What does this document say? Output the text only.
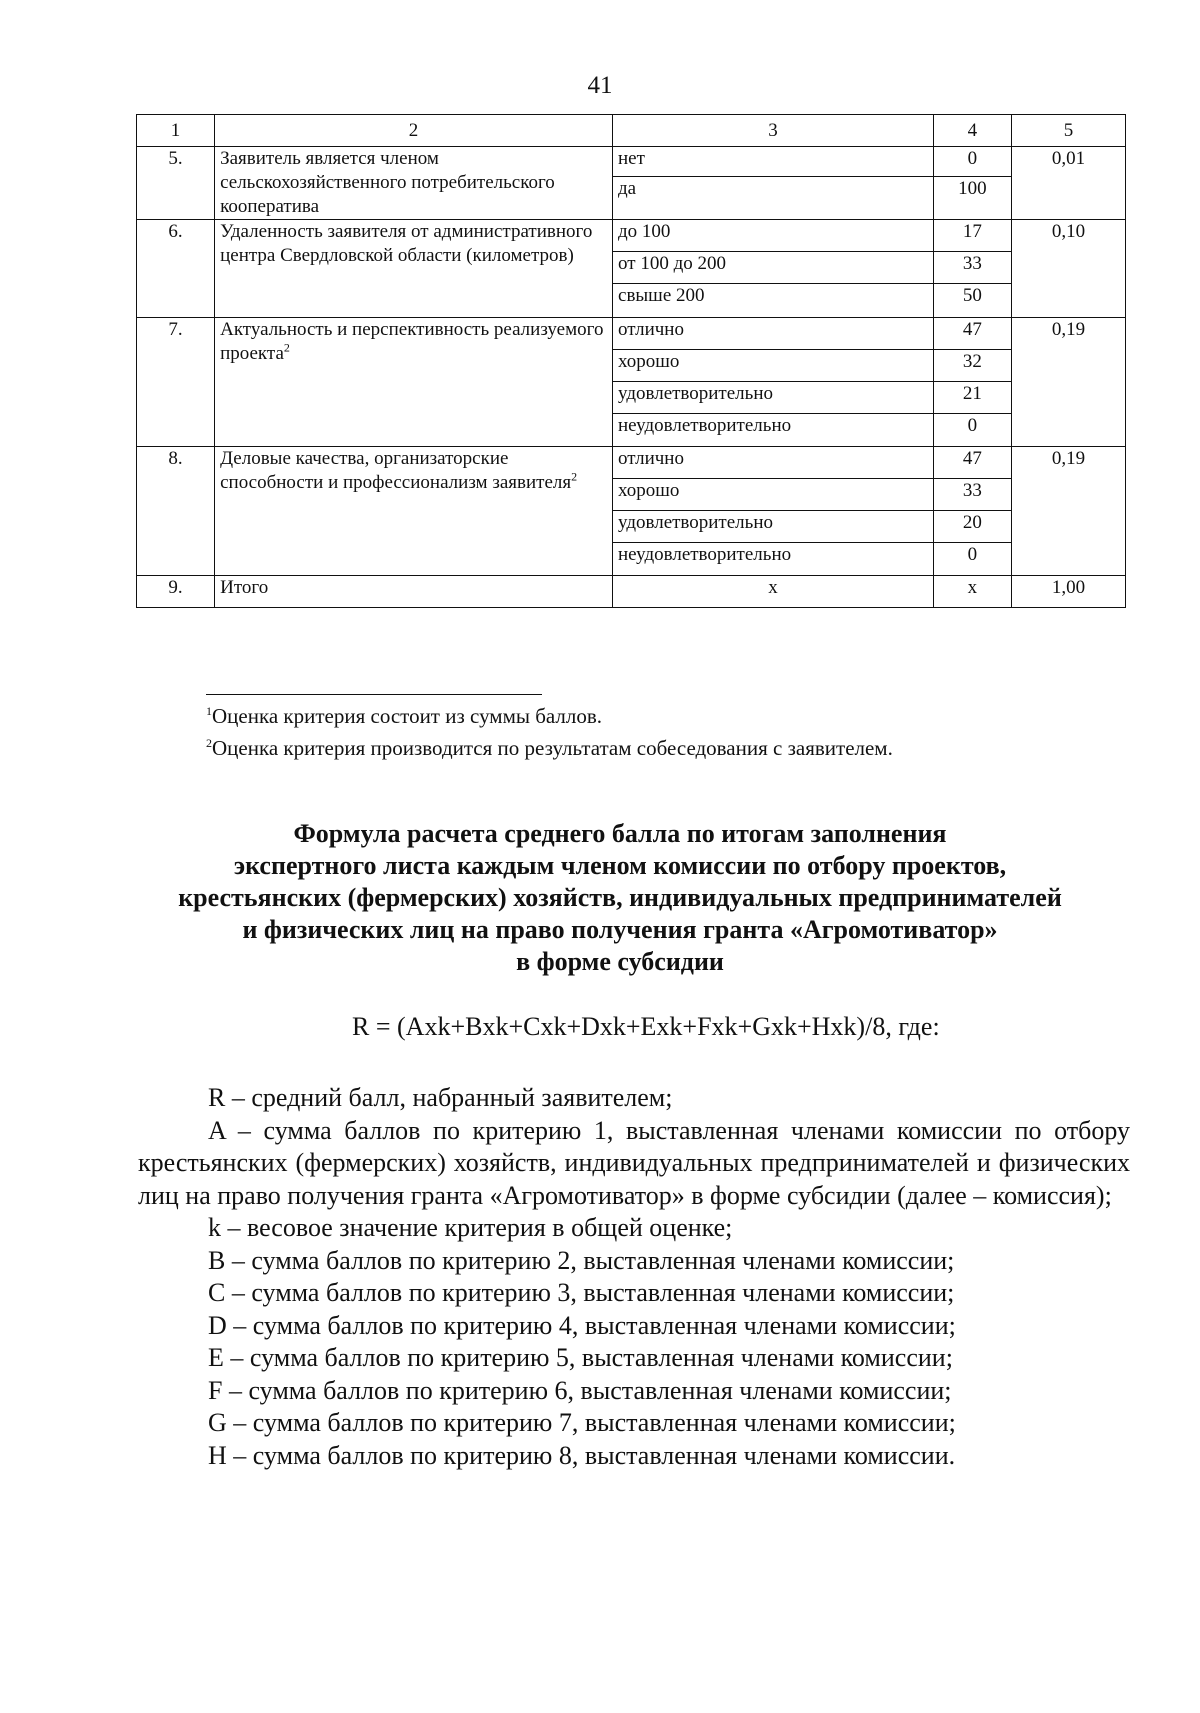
41
1	2	3	4	5
5.	Заявитель является членом сельскохозяйственного потребительского кооператива	нет	0	0,01
		да	100	
6.	Удаленность заявителя от административного центра Свердловской области (километров)	до 100	17	0,10
		от 100 до 200	33	
		свыше 200	50	
7.	Актуальность и перспективность реализуемого проекта$^2$	отлично	47	0,19
		хорошо	32	
		удовлетворительно	21	
		неудовлетворительно	0	
8.	Деловые качества, организаторские способности и профессионализм заявителя$^2$	отлично	47	0,19
		хорошо	33	
		удовлетворительно	20	
		неудовлетворительно	0	
9.	Итого	х	х	1,00

$^1$Оценка критерия состоит из суммы баллов.

$^2$Оценка критерия производится по результатам собеседования с заявителем.

Формула расчета среднего балла по итогам заполнения

экспертного листа каждым членом комиссии по отбору проектов,

крестьянских (фермерских) хозяйств, индивидуальных предпринимателей

и физических лиц на право получения гранта «Агромотиватор»

в форме субсидии

R = (Axk+Bxk+Cxk+Dxk+Exk+Fxk+Gxk+Hxk)/8, где:

R – средний балл, набранный заявителем;

A – сумма баллов по критерию 1, выставленная членами комиссии по отбору крестьянских (фермерских) хозяйств, индивидуальных предпринимателей и физических лиц на право получения гранта «Агромотиватор» в форме субсидии (далее – комиссия);

k – весовое значение критерия в общей оценке;

B – сумма баллов по критерию 2, выставленная членами комиссии;

C – сумма баллов по критерию 3, выставленная членами комиссии;

D – сумма баллов по критерию 4, выставленная членами комиссии;

E – сумма баллов по критерию 5, выставленная членами комиссии;

F – сумма баллов по критерию 6, выставленная членами комиссии;

G – сумма баллов по критерию 7, выставленная членами комиссии;

H – сумма баллов по критерию 8, выставленная членами комиссии.
